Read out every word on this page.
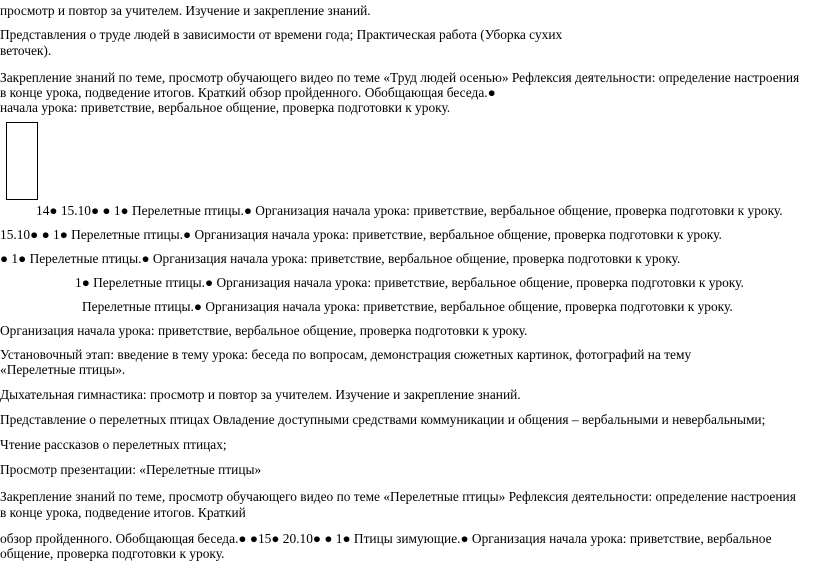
просмотр и повтор за учителем. Изучение и закрепление знаний.
Представления о труде людей в зависимости от времени года; Практическая работа (Уборка сухих
веточек).
Закрепление знаний по теме, просмотр обучающего видео по теме «Труд людей осенью» Рефлексия деятельности: определение настроения
в конце урока, подведение итогов. Краткий обзор пройденного. Обобщающая беседа.●
начала урока: приветствие, вербальное общение, проверка подготовки к уроку.
14● 15.10● ● 1● Перелетные птицы.● Организация начала урока: приветствие, вербальное общение, проверка подготовки к уроку.
15.10● ● 1● Перелетные птицы.● Организация начала урока: приветствие, вербальное общение, проверка подготовки к уроку.
● 1● Перелетные птицы.● Организация начала урока: приветствие, вербальное общение, проверка подготовки к уроку.
1● Перелетные птицы.● Организация начала урока: приветствие, вербальное общение, проверка подготовки к уроку.
Перелетные птицы.● Организация начала урока: приветствие, вербальное общение, проверка подготовки к уроку.
Организация начала урока: приветствие, вербальное общение, проверка подготовки к уроку.
Установочный этап: введение в тему урока: беседа по вопросам, демонстрация сюжетных картинок, фотографий на тему
«Перелетные птицы».
Дыхательная гимнастика: просмотр и повтор за учителем. Изучение и закрепление знаний.
Представление о перелетных птицах Овладение доступными средствами коммуникации и общения – вербальными и невербальными;
Чтение рассказов о перелетных птицах;
Просмотр презентации: «Перелетные птицы»
Закрепление знаний по теме, просмотр обучающего видео по теме «Перелетные птицы» Рефлексия деятельности: определение настроения
в конце урока, подведение итогов. Краткий
обзор пройденного. Обобщающая беседа.● ●15● 20.10● ● 1● Птицы зимующие.● Организация начала урока: приветствие, вербальное
общение, проверка подготовки к уроку.
